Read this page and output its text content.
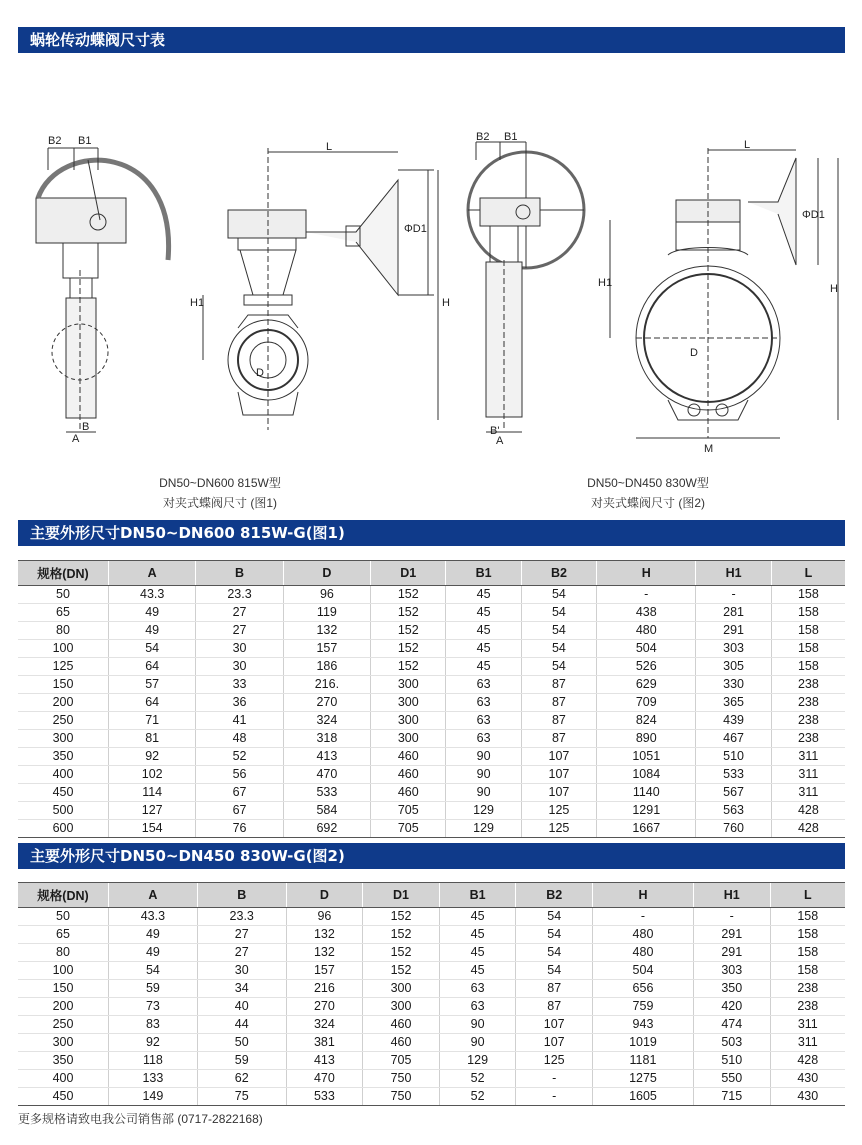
蜗轮传动蝶阀尺寸表
B2 B1
A
B
L
ΦD1
H1	H
D
B2 B1
A
B'
L
ΦD1
H1	H
D
M
DN50~DN600 815W型
对夹式蝶阀尺寸 (图1)
DN50~DN450 830W型
对夹式蝶阀尺寸 (图2)
主要外形尺寸DN50~DN600 815W-G(图1)
规格(DN)	A	B	D	D1	B1	B2	H	H1	L
50	43.3	23.3	96	152	45	54	-	-	158
65	49	27	119	152	45	54	438	281	158
80	49	27	132	152	45	54	480	291	158
100	54	30	157	152	45	54	504	303	158
125	64	30	186	152	45	54	526	305	158
150	57	33	216.	300	63	87	629	330	238
200	64	36	270	300	63	87	709	365	238
250	71	41	324	300	63	87	824	439	238
300	81	48	318	300	63	87	890	467	238
350	92	52	413	460	90	107	1051	510	311
400	102	56	470	460	90	107	1084	533	311
450	114	67	533	460	90	107	1140	567	311
500	127	67	584	705	129	125	1291	563	428
600	154	76	692	705	129	125	1667	760	428
主要外形尺寸DN50~DN450 830W-G(图2)
规格(DN)	A	B	D	D1	B1	B2	H	H1	L
50	43.3	23.3	96	152	45	54	-	-	158
65	49	27	132	152	45	54	480	291	158
80	49	27	132	152	45	54	480	291	158
100	54	30	157	152	45	54	504	303	158
150	59	34	216	300	63	87	656	350	238
200	73	40	270	300	63	87	759	420	238
250	83	44	324	460	90	107	943	474	311
300	92	50	381	460	90	107	1019	503	311
350	118	59	413	705	129	125	1181	510	428
400	133	62	470	750	52	-	1275	550	430
450	149	75	533	750	52	-	1605	715	430
更多规格请致电我公司销售部 (0717-2822168)
